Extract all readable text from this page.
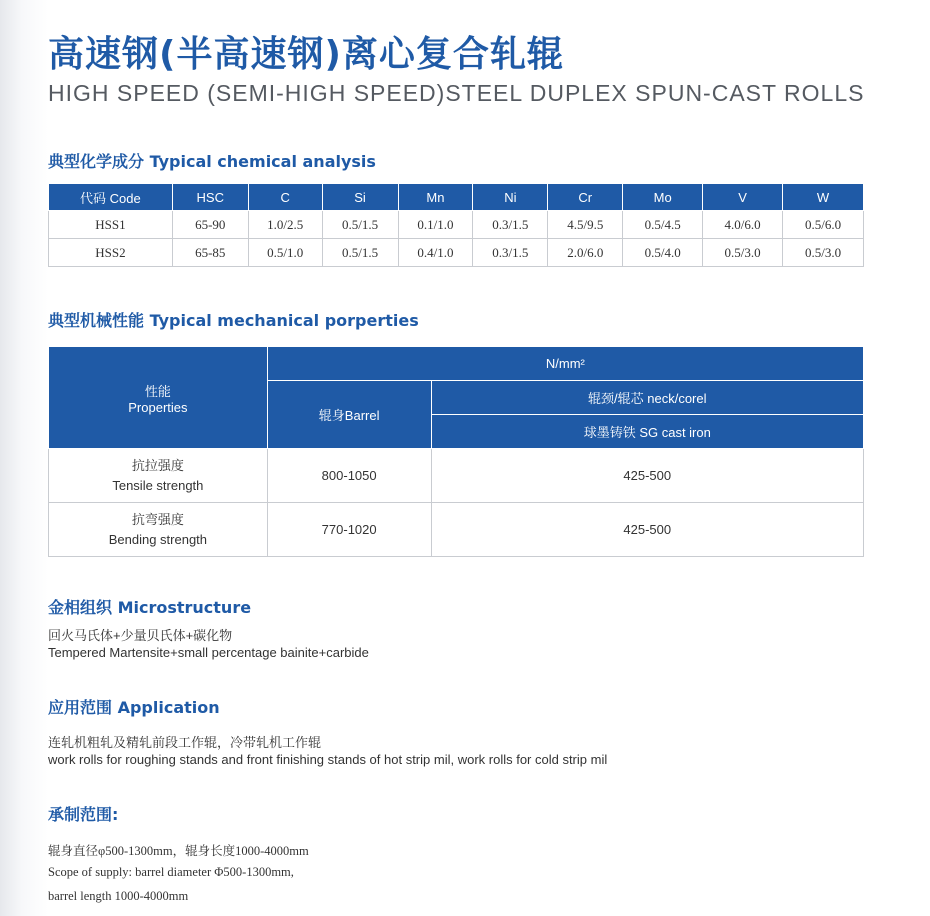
高速钢(半高速钢)离心复合轧辊
HIGH SPEED (SEMI-HIGH SPEED)STEEL DUPLEX SPUN-CAST ROLLS
典型化学成分 Typical chemical analysis
代码 Code	HSC	C	Si	Mn	Ni	Cr	Mo	V	W
HSS1	65-90	1.0/2.5	0.5/1.5	0.1/1.0	0.3/1.5	4.5/9.5	0.5/4.5	4.0/6.0	0.5/6.0
HSS2	65-85	0.5/1.0	0.5/1.5	0.4/1.0	0.3/1.5	2.0/6.0	0.5/4.0	0.5/3.0	0.5/3.0
典型机械性能 Typical mechanical porperties
性能
Properties	N/mm²	
	辊身Barrel	辊颈/辊芯 neck/corel
		球墨铸铁 SG cast iron

抗拉强度
Tensile strength	800-1050	425-500

抗弯强度
Bending strength	770-1020	425-500
金相组织 Microstructure
回火马氏体+少量贝氏体+碳化物
Tempered Martensite+small percentage bainite+carbide
应用范围 Application
连轧机粗轧及精轧前段工作辊，冷带轧机工作辊
work rolls for roughing stands and front finishing stands of hot strip mil, work rolls for cold strip mil
承制范围:
辊身直径φ500-1300mm，辊身长度1000-4000mm
Scope of supply: barrel diameter Φ500-1300mm,
barrel length 1000-4000mm
